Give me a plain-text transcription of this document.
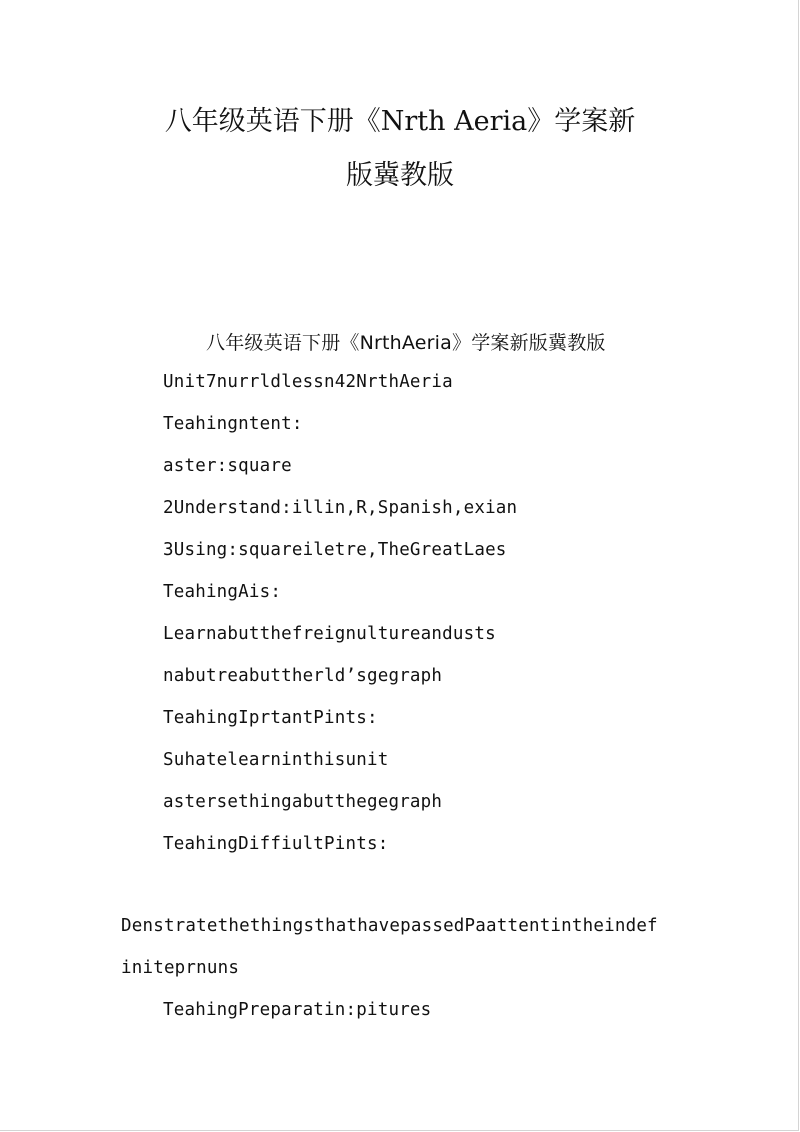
八年级英语下册《Nrth Aeria》学案新
版冀教版

八年级英语下册《NrthAeria》学案新版冀教版

Unit7nurrldlessn42NrthAeria

Teahingntent:

aster:square

2Understand:illin,R,Spanish,exian

3Using:squareiletre,TheGreatLaes

TeahingAis:

Learnabutthefreignultureandusts

nabutreabuttherld’sgegraph

TeahingIprtantPints:

Suhatelearninthisunit

astersethingabutthegegraph

TeahingDiffiultPints:

DenstratethethingsthathavepassedPaattentintheindef

initeprnuns

TeahingPreparatin:pitures
